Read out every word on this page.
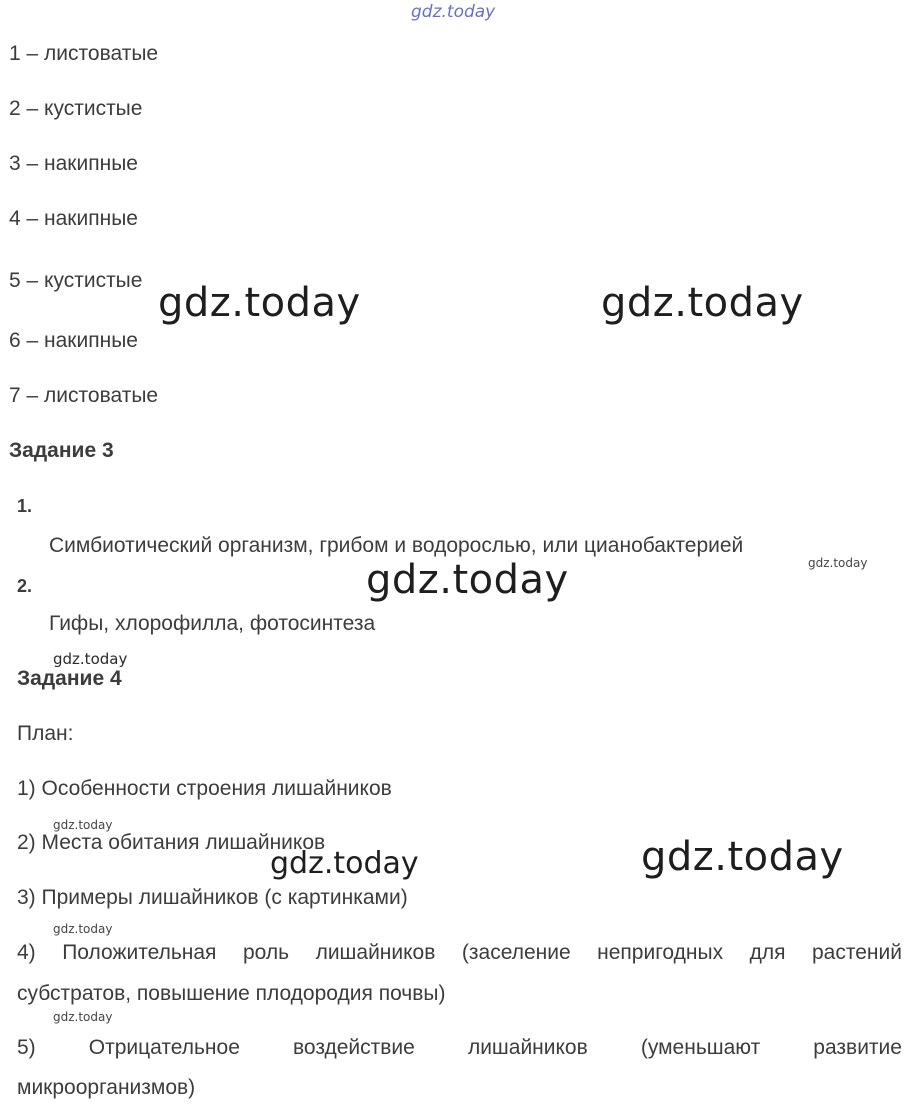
gdz.today
1 – листоватые
2 – кустистые
3 – накипные
4 – накипные
5 – кустистые
6 – накипные
7 – листоватые
gdz.today	gdz.today
Задание 3
1.
Симбиотический организм, грибом и водорослью, или цианобактерией
gdz.today
gdz.today
2.
Гифы, хлорофилла, фотосинтеза
gdz.today
Задание 4
План:
1) Особенности строения лишайников
gdz.today
2) Места обитания лишайников	gdz.today
gdz.today
3) Примеры лишайников (с картинками)
gdz.today
4) Положительная роль лишайников (заселение непригодных для растений
субстратов, повышение плодородия почвы)
gdz.today
5)	Отрицательное	воздействие	лишайников	(уменьшают	развитие
микроорганизмов)
